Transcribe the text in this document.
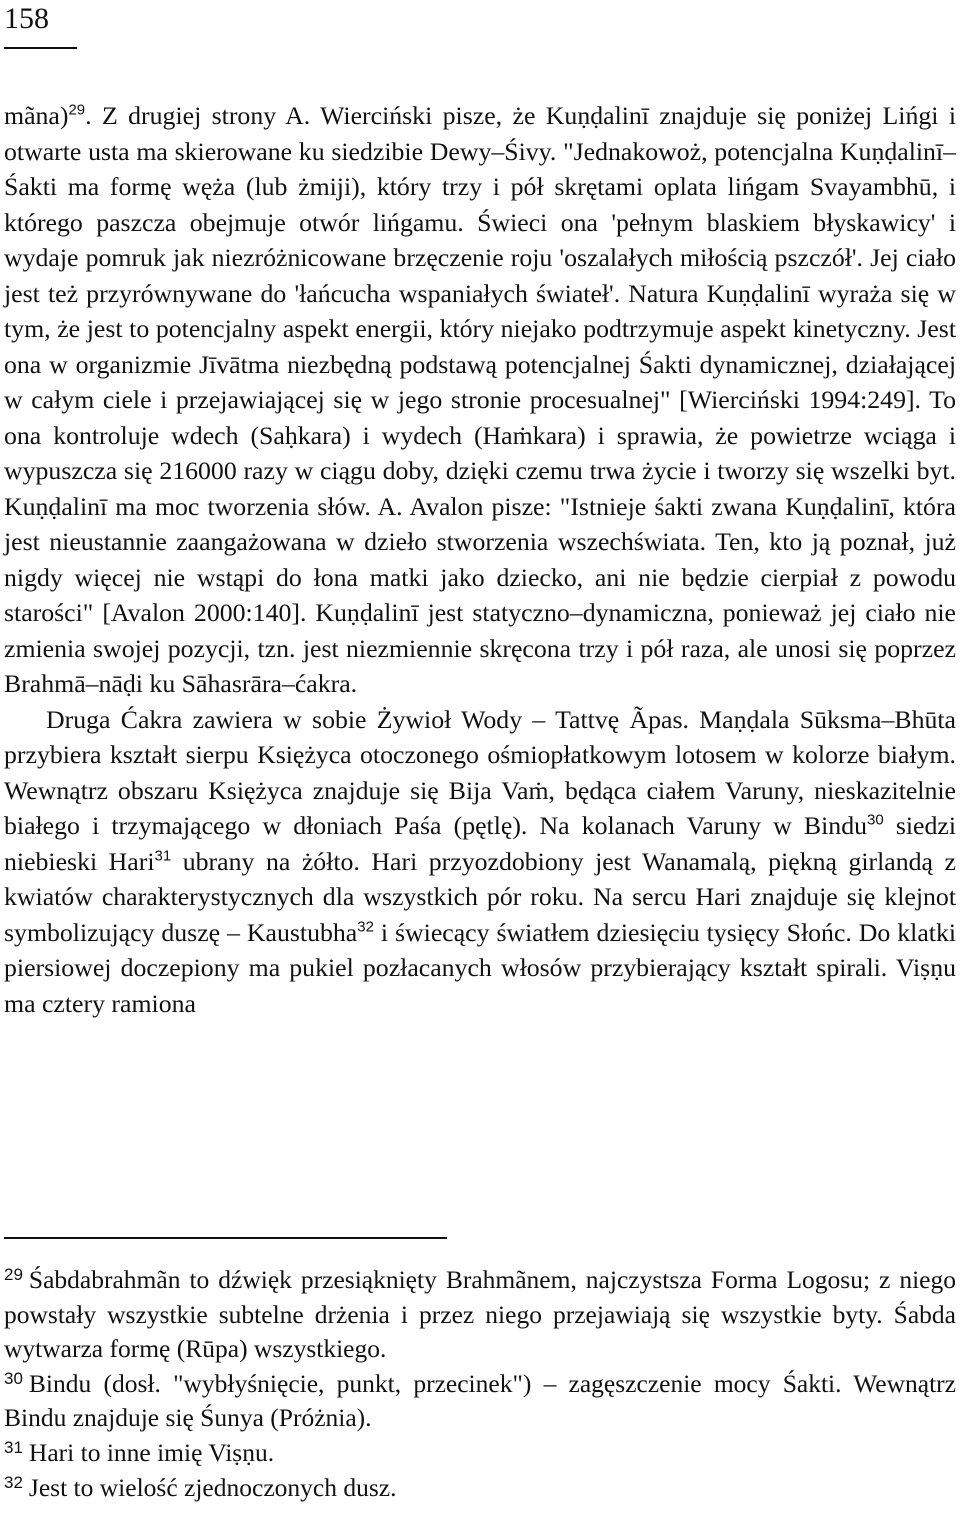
158

mãna)$^{29}$. Z drugiej strony A. Wierciński pisze, że Kuṇḍalinī znajduje się poniżej Lińgi i otwarte usta ma skierowane ku siedzibie Dewy–Śivy. "Jednakowoż, potencjalna Kuṇḍalinī–Śakti ma formę węża (lub żmiji), który trzy i pół skrętami oplata lińgam Svayambhū, i którego paszcza obejmuje otwór lińgamu. Świeci ona 'pełnym blaskiem błyskawicy' i wydaje pomruk jak niezróżnicowane brzęczenie roju 'oszalałych miłością pszczół'. Jej ciało jest też przyrównywane do 'łańcucha wspaniałych świateł'. Natura Kuṇḍalinī wyraża się w tym, że jest to potencjalny aspekt energii, który niejako podtrzymuje aspekt kinetyczny. Jest ona w organizmie Jīvātma niezbędną podstawą potencjalnej Śakti dynamicznej, działającej w całym ciele i przejawiającej się w jego stronie procesualnej" [Wierciński 1994:249]. To ona kontroluje wdech (Saḥkara) i wydech (Haṁkara) i sprawia, że powietrze wciąga i wypuszcza się 216000 razy w ciągu doby, dzięki czemu trwa życie i tworzy się wszelki byt. Kuṇḍalinī ma moc tworzenia słów. A. Avalon pisze: "Istnieje śakti zwana Kuṇḍalinī, która jest nieustannie zaangażowana w dzieło stworzenia wszechświata. Ten, kto ją poznał, już nigdy więcej nie wstąpi do łona matki jako dziecko, ani nie będzie cierpiał z powodu starości" [Avalon 2000:140]. Kuṇḍalinī jest statyczno–dynamiczna, ponieważ jej ciało nie zmienia swojej pozycji, tzn. jest niezmiennie skręcona trzy i pół raza, ale unosi się poprzez Brahmā–nāḍi ku Sāhasrāra–ćakra.

Druga Ćakra zawiera w sobie Żywioł Wody – Tattvę Ãpas. Maṇḍala Sūksma–Bhūta przybiera kształt sierpu Księżyca otoczonego ośmiopłatkowym lotosem w kolorze białym. Wewnątrz obszaru Księżyca znajduje się Bija Vaṁ, będąca ciałem Varuny, nieskazitelnie białego i trzymającego w dłoniach Paśa (pętlę). Na kolanach Varuny w Bindu$^{30}$ siedzi niebieski Hari$^{31}$ ubrany na żółto. Hari przyozdobiony jest Wanamalą, piękną girlandą z kwiatów charakterystycznych dla wszystkich pór roku. Na sercu Hari znajduje się klejnot symbolizujący duszę – Kaustubha$^{32}$ i świecący światłem dziesięciu tysięcy Słońc. Do klatki piersiowej doczepiony ma pukiel pozłacanych włosów przybierający kształt spirali. Viṣṇu ma cztery ramiona

$^{29}$ Śabdabrahmãn to dźwięk przesiąknięty Brahmãnem, najczystsza Forma Logosu; z niego powstały wszystkie subtelne drżenia i przez niego przejawiają się wszystkie byty. Śabda wytwarza formę (Rūpa) wszystkiego.

$^{30}$ Bindu (dosł. "wybłyśnięcie, punkt, przecinek") – zagęszczenie mocy Śakti. Wewnątrz Bindu znajduje się Śunya (Próżnia).

$^{31}$ Hari to inne imię Viṣṇu.

$^{32}$ Jest to wielość zjednoczonych dusz.
